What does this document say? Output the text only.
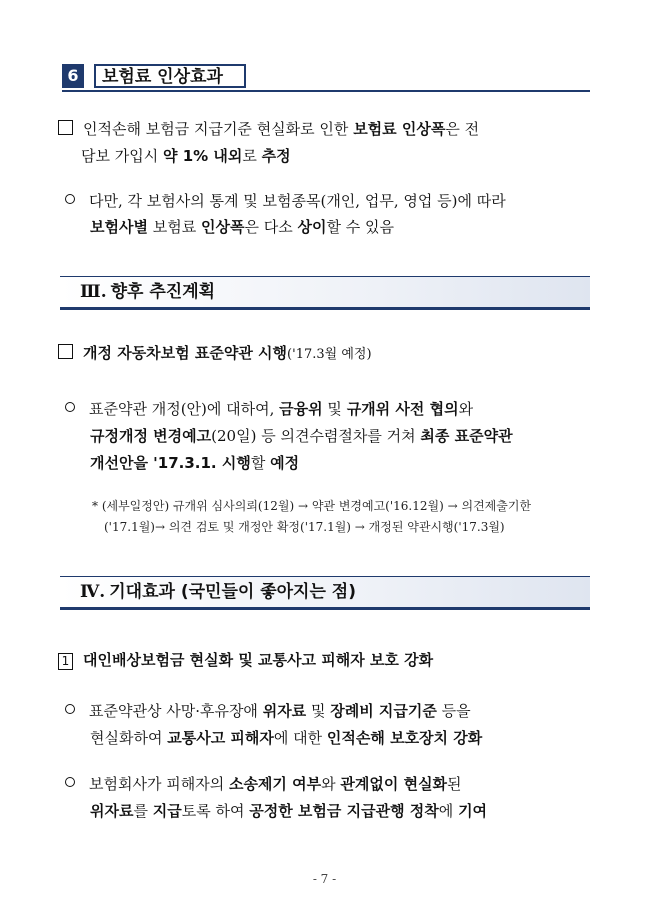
6	보험료 인상효과
인적손해 보험금 지급기준 현실화로 인한 보험료 인상폭은 전
담보 가입시 약 1% 내외로 추정
다만, 각 보험사의 통계 및 보험종목(개인, 업무, 영업 등)에 따라
보험사별 보험료 인상폭은 다소 상이할 수 있음
Ⅲ. 향후 추진계획
개정 자동차보험 표준약관 시행('17.3월 예정)
표준약관 개정(안)에 대하여, 금융위 및 규개위 사전 협의와
규정개정 변경예고(20일) 등 의견수렴절차를 거쳐 최종 표준약관
개선안을 '17.3.1. 시행할 예정
* (세부일정안) 규개위 심사의뢰(12월) → 약관 변경예고('16.12월) → 의견제출기한
('17.1월)→ 의견 검토 및 개정안 확정('17.1월) → 개정된 약관시행('17.3월)
Ⅳ. 기대효과 (국민들이 좋아지는 점)
1 대인배상보험금 현실화 및 교통사고 피해자 보호 강화
표준약관상 사망·후유장애 위자료 및 장례비 지급기준 등을
현실화하여 교통사고 피해자에 대한 인적손해 보호장치 강화
보험회사가 피해자의 소송제기 여부와 관계없이 현실화된
위자료를 지급토록 하여 공정한 보험금 지급관행 정착에 기여
- 7 -
